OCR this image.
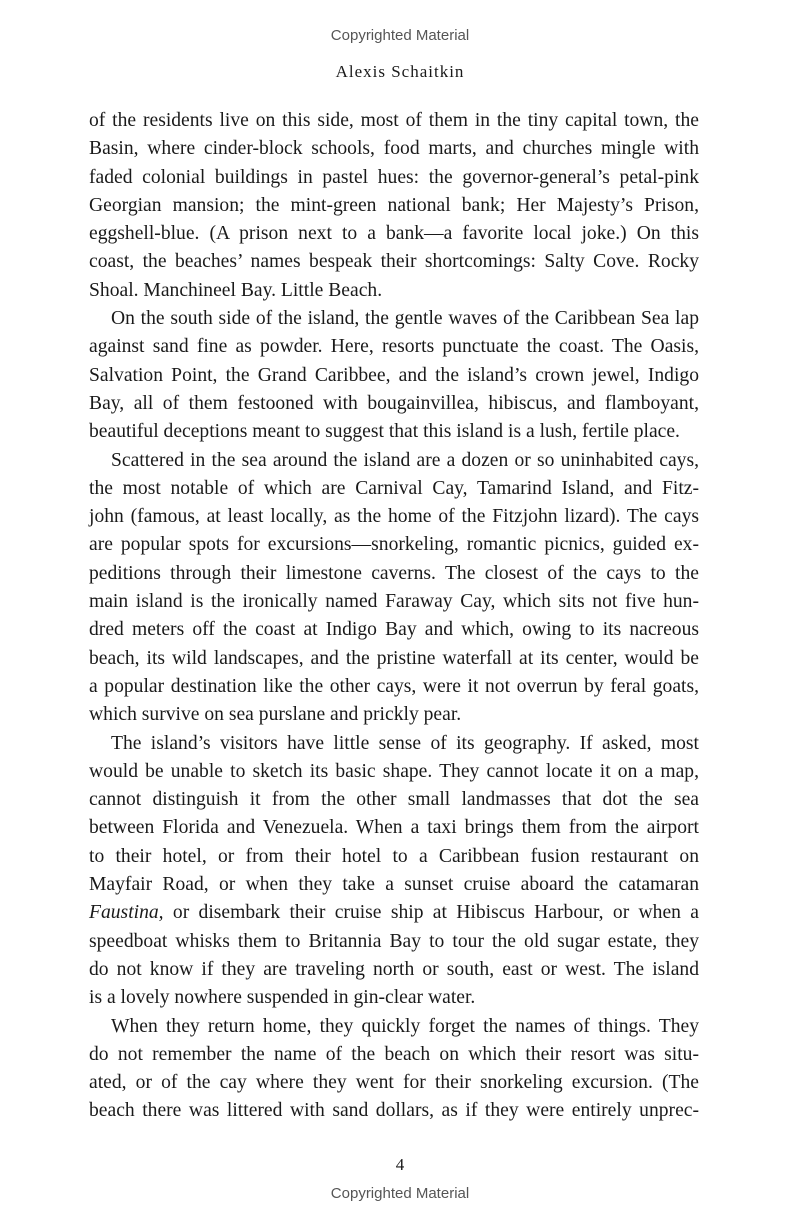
Copyrighted Material
Alexis Schaitkin
of the residents live on this side, most of them in the tiny capital town, the
Basin, where cinder-block schools, food marts, and churches mingle with
faded colonial buildings in pastel hues: the governor-general’s petal-pink
Georgian mansion; the mint-green national bank; Her Majesty’s Prison,
eggshell-blue. (A prison next to a bank—a favorite local joke.) On this
coast, the beaches’ names bespeak their shortcomings: Salty Cove. Rocky
Shoal. Manchineel Bay. Little Beach.
On the south side of the island, the gentle waves of the Caribbean Sea lap
against sand fine as powder. Here, resorts punctuate the coast. The Oasis,
Salvation Point, the Grand Caribbee, and the island’s crown jewel, Indigo
Bay, all of them festooned with bougainvillea, hibiscus, and flamboyant,
beautiful deceptions meant to suggest that this island is a lush, fertile place.
Scattered in the sea around the island are a dozen or so uninhabited cays,
the most notable of which are Carnival Cay, Tamarind Island, and Fitz-
john (famous, at least locally, as the home of the Fitzjohn lizard). The cays
are popular spots for excursions—snorkeling, romantic picnics, guided ex-
peditions through their limestone caverns. The closest of the cays to the
main island is the ironically named Faraway Cay, which sits not five hun-
dred meters off the coast at Indigo Bay and which, owing to its nacreous
beach, its wild landscapes, and the pristine waterfall at its center, would be
a popular destination like the other cays, were it not overrun by feral goats,
which survive on sea purslane and prickly pear.
The island’s visitors have little sense of its geography. If asked, most
would be unable to sketch its basic shape. They cannot locate it on a map,
cannot distinguish it from the other small landmasses that dot the sea
between Florida and Venezuela. When a taxi brings them from the airport
to their hotel, or from their hotel to a Caribbean fusion restaurant on
Mayfair Road, or when they take a sunset cruise aboard the catamaran
Faustina, or disembark their cruise ship at Hibiscus Harbour, or when a
speedboat whisks them to Britannia Bay to tour the old sugar estate, they
do not know if they are traveling north or south, east or west. The island
is a lovely nowhere suspended in gin-clear water.
When they return home, they quickly forget the names of things. They
do not remember the name of the beach on which their resort was situ-
ated, or of the cay where they went for their snorkeling excursion. (The
beach there was littered with sand dollars, as if they were entirely unprec-
4
Copyrighted Material
